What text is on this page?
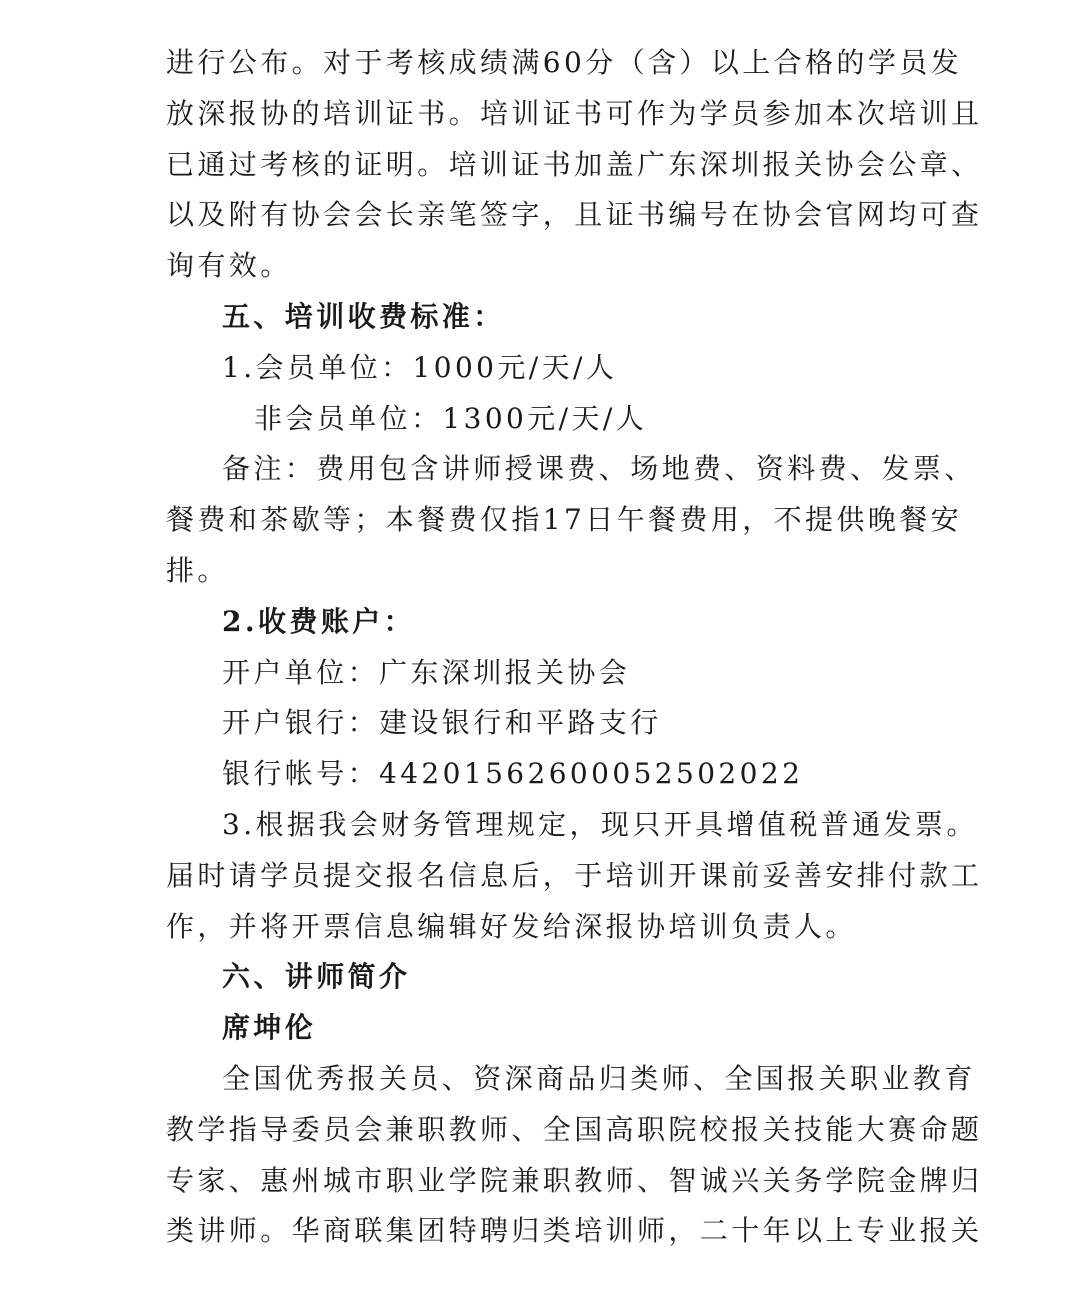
进行公布。对于考核成绩满60分（含）以上合格的学员发
放深报协的培训证书。培训证书可作为学员参加本次培训且
已通过考核的证明。培训证书加盖广东深圳报关协会公章、
以及附有协会会长亲笔签字，且证书编号在协会官网均可查
询有效。
五、培训收费标准：
1.会员单位：1000元/天/人
非会员单位：1300元/天/人
备注：费用包含讲师授课费、场地费、资料费、发票、
餐费和茶歇等；本餐费仅指17日午餐费用，不提供晚餐安
排。
2.收费账户：
开户单位：广东深圳报关协会
开户银行：建设银行和平路支行
银行帐号：44201562600052502022
3.根据我会财务管理规定，现只开具增值税普通发票。
届时请学员提交报名信息后，于培训开课前妥善安排付款工
作，并将开票信息编辑好发给深报协培训负责人。
六、讲师简介
席坤伦
全国优秀报关员、资深商品归类师、全国报关职业教育
教学指导委员会兼职教师、全国高职院校报关技能大赛命题
专家、惠州城市职业学院兼职教师、智诚兴关务学院金牌归
类讲师。华商联集团特聘归类培训师，二十年以上专业报关
